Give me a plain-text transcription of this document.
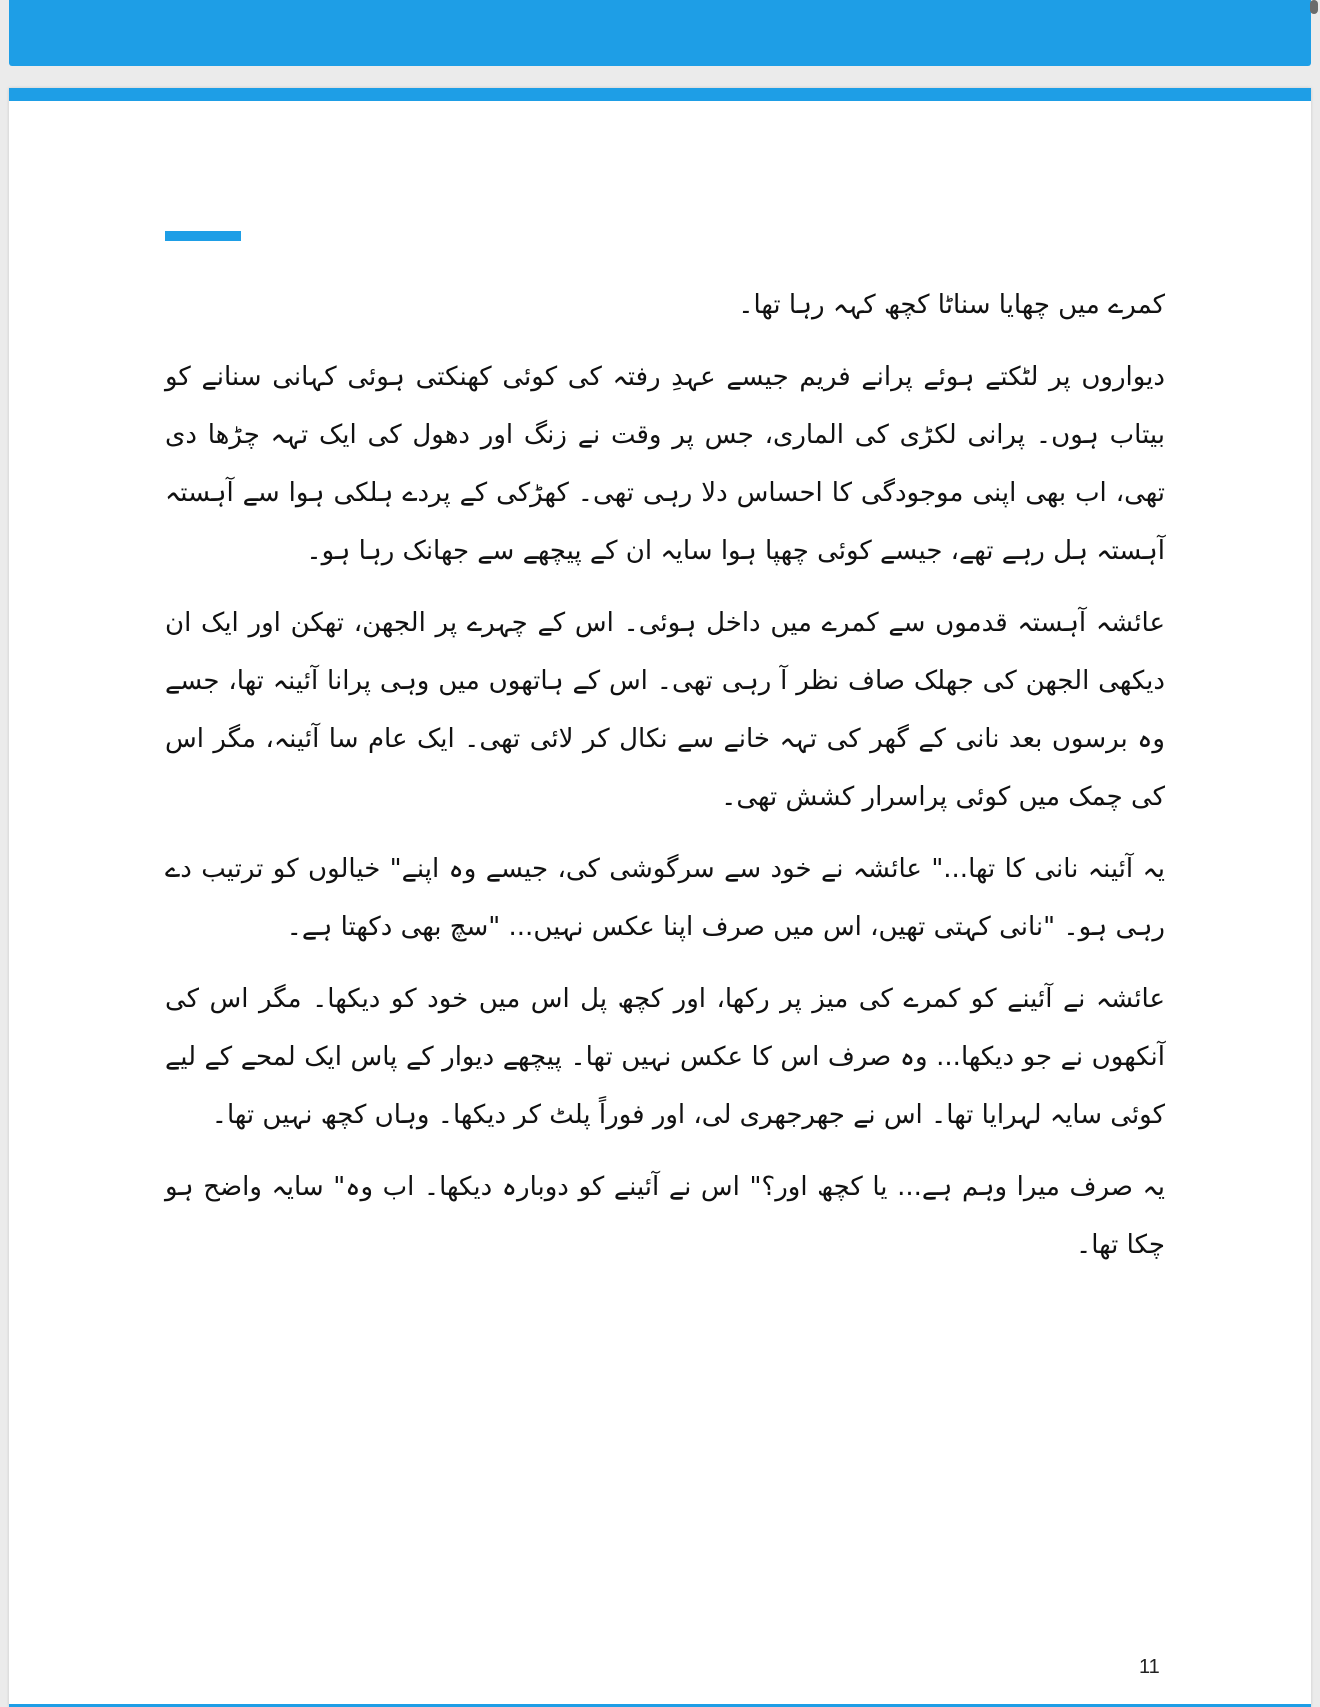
کمرے میں چھایا سناٹا کچھ کہہ رہا تھا۔

دیواروں پر لٹکتے ہوئے پرانے فریم جیسے عہدِ رفتہ کی کوئی کھنکتی ہوئی کہانی سنانے کو بیتاب ہوں۔ پرانی لکڑی کی الماری، جس پر وقت نے زنگ اور دھول کی ایک تہہ چڑھا دی تھی، اب بھی اپنی موجودگی کا احساس دلا رہی تھی۔ کھڑکی کے پردے ہلکی ہوا سے آہستہ آہستہ ہل رہے تھے، جیسے کوئی چھپا ہوا سایہ ان کے پیچھے سے جھانک رہا ہو۔

عائشہ آہستہ قدموں سے کمرے میں داخل ہوئی۔ اس کے چہرے پر الجھن، تھکن اور ایک ان دیکھی الجھن کی جھلک صاف نظر آ رہی تھی۔ اس کے ہاتھوں میں وہی پرانا آئینہ تھا، جسے وہ برسوں بعد نانی کے گھر کی تہہ خانے سے نکال کر لائی تھی۔ ایک عام سا آئینہ، مگر اس کی چمک میں کوئی پراسرار کشش تھی۔

یہ آئینہ نانی کا تھا..." عائشہ نے خود سے سرگوشی کی، جیسے وہ اپنے" خیالوں کو ترتیب دے رہی ہو۔ "نانی کہتی تھیں، اس میں صرف اپنا عکس نہیں... "سچ بھی دکھتا ہے۔

عائشہ نے آئینے کو کمرے کی میز پر رکھا، اور کچھ پل اس میں خود کو دیکھا۔ مگر اس کی آنکھوں نے جو دیکھا... وہ صرف اس کا عکس نہیں تھا۔ پیچھے دیوار کے پاس ایک لمحے کے لیے کوئی سایہ لہرایا تھا۔ اس نے جھرجھری لی، اور فوراً پلٹ کر دیکھا۔ وہاں کچھ نہیں تھا۔

یہ صرف میرا وہم ہے... یا کچھ اور؟" اس نے آئینے کو دوبارہ دیکھا۔ اب وہ" سایہ واضح ہو چکا تھا۔

11
